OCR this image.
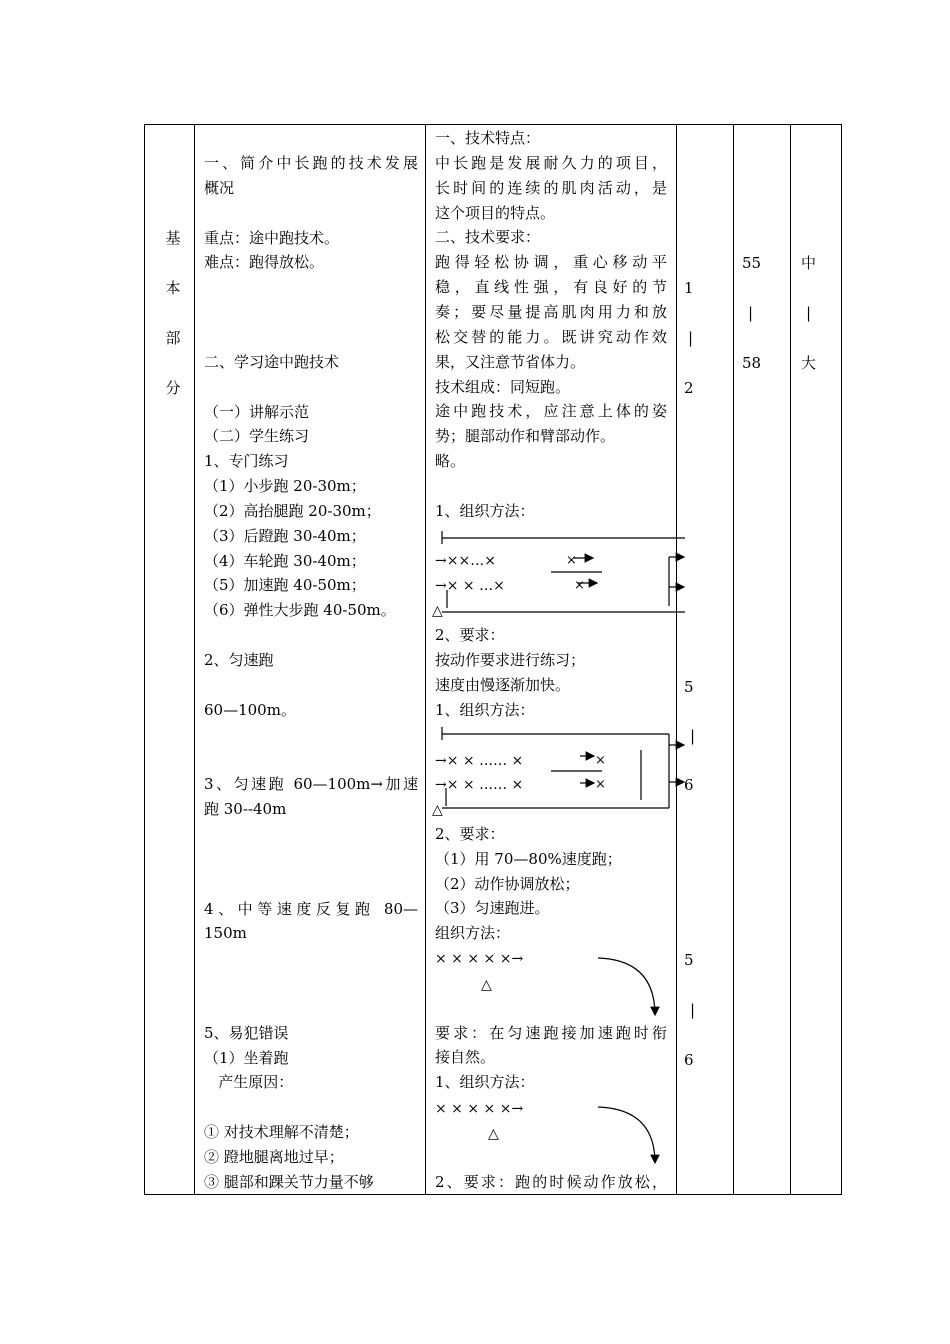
基
本
部
分
一、简介中长跑的技术发展
概况
重点：途中跑技术。
难点：跑得放松。
二、学习途中跑技术
（一）讲解示范
（二）学生练习
1、专门练习
（1）小步跑 20-30m；
（2）高抬腿跑 20-30m；
（3）后蹬跑 30-40m；
（4）车轮跑 30-40m；
（5）加速跑 40-50m；
（6）弹性大步跑 40-50m。
2、匀速跑
60—100m。
3、匀速跑 60—100m→加速
跑 30--40m
4、中等速度反复跑 80—
150m
5、易犯错误
（1）坐着跑
产生原因：
① 对技术理解不清楚；
② 蹬地腿离地过早；
③ 腿部和踝关节力量不够
一、技术特点：
中长跑是发展耐久力的项目，
长时间的连续的肌肉活动，是
这个项目的特点。
二、技术要求：
跑得轻松协调，重心移动平
稳，直线性强，有良好的节
奏；要尽量提高肌肉用力和放
松交替的能力。既讲究动作效
果，又注意节省体力。
技术组成：同短跑。
途中跑技术，应注意上体的姿
势；腿部动作和臂部动作。
略。
1、组织方法：
2、要求：
按动作要求进行练习；
速度由慢逐渐加快。
1、组织方法：
2、要求：
（1）用 70—80%速度跑；
（2）动作协调放松；
（3）匀速跑进。
组织方法：
要求：在匀速跑接加速跑时衔
接自然。
1、组织方法：
2、要求：跑的时候动作放松，
→××…×
→× × …×
×
×
△
→× × …… ×
→× × …… ×
×
×
△
× × × × ×→
△
× × × × ×→
△
1
|
2
5
|
6
5
|
6
55
|
58
中
|
大
